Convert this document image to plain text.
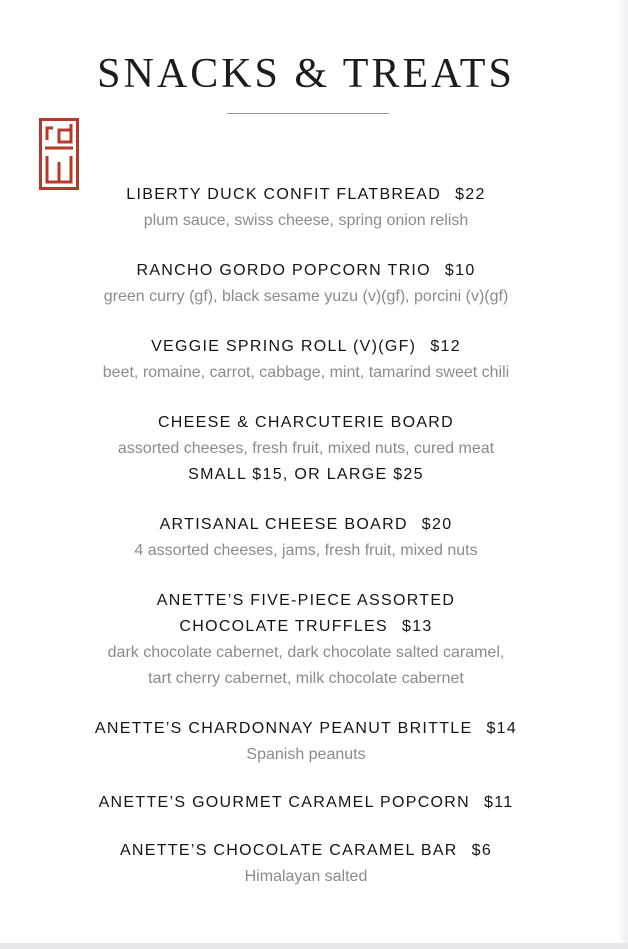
SNACKS & TREATS
LIBERTY DUCK CONFIT FLATBREAD $22
plum sauce, swiss cheese, spring onion relish
RANCHO GORDO POPCORN TRIO $10
green curry (gf), black sesame yuzu (v)(gf), porcini (v)(gf)
VEGGIE SPRING ROLL (V)(GF) $12
beet, romaine, carrot, cabbage, mint, tamarind sweet chili
CHEESE & CHARCUTERIE BOARD
assorted cheeses, fresh fruit, mixed nuts, cured meat
SMALL $15, OR LARGE $25
ARTISANAL CHEESE BOARD $20
4 assorted cheeses, jams, fresh fruit, mixed nuts
ANETTE’S FIVE-PIECE ASSORTED
CHOCOLATE TRUFFLES $13
dark chocolate cabernet, dark chocolate salted caramel,
tart cherry cabernet, milk chocolate cabernet
ANETTE’S CHARDONNAY PEANUT BRITTLE $14
Spanish peanuts
ANETTE’S GOURMET CARAMEL POPCORN $11
ANETTE’S CHOCOLATE CARAMEL BAR $6
Himalayan salted
